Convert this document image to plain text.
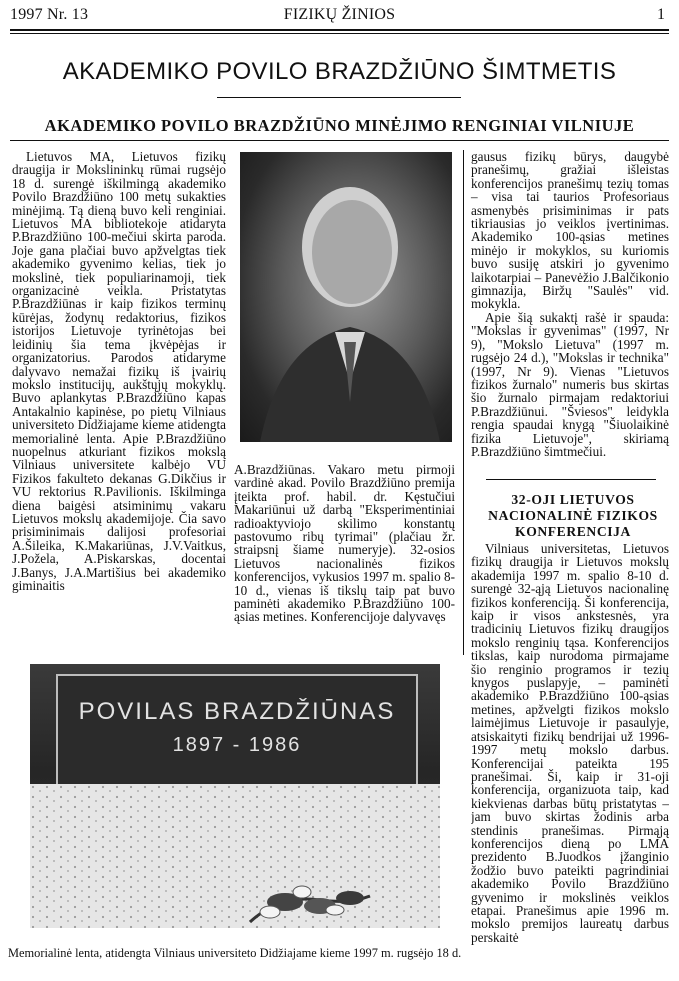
1997 Nr. 13	FIZIKŲ ŽINIOS	1
AKADEMIKO POVILO BRAZDŽIŪNO ŠIMTMETIS
AKADEMIKO POVILO BRAZDŽIŪNO MINĖJIMO RENGINIAI VILNIUJE

Lietuvos MA, Lietuvos fizikų draugija ir Mokslininkų rūmai rugsėjo 18 d. surengė iškilmingą akademiko Povilo Brazdžiūno 100 metų sukakties minėjimą. Tą dieną buvo keli renginiai. Lietuvos MA bibliotekoje atidaryta P.Brazdžiūno 100-mečiui skirta paroda. Joje gana plačiai buvo apžvelgtas tiek akademiko gyvenimo kelias, tiek jo mokslinė, tiek populiarinamoji, tiek organizacinė veikla. Pristatytas P.Brazdžiūnas ir kaip fizikos terminų kūrėjas, žodynų redaktorius, fizikos istorijos Lietuvoje tyrinėtojas bei leidinių šia tema įkvėpėjas ir organizatorius. Parodos atidaryme dalyvavo nemažai fizikų iš įvairių mokslo institucijų, aukštųjų mokyklų. Buvo aplankytas P.Brazdžiūno kapas Antakalnio kapinėse, po pietų Vilniaus universiteto Didžiajame kieme atidengta memorialinė lenta. Apie P.Brazdžiūno nuopelnus atkuriant fizikos mokslą Vilniaus universitete kalbėjo VU Fizikos fakulteto dekanas G.Dikčius ir VU rektorius R.Pavilionis. Iškilminga diena baigėsi atsiminimų vakaru Lietuvos mokslų akademijoje. Čia savo prisiminimais dalijosi profesoriai A.Šileika, K.Makariūnas, J.V.Vaitkus, J.Požela, A.Piskarskas, docentai J.Banys, J.A.Martišius bei akademiko giminaitis

A.Brazdžiūnas. Vakaro metu pirmoji vardinė akad. Povilo Brazdžiūno premija įteikta prof. habil. dr. Kęstučiui Makariūnui už darbą "Eksperimentiniai radioaktyviojo skilimo konstantų pastovumo ribų tyrimai" (plačiau žr. straipsnį šiame numeryje). 32-osios Lietuvos nacionalinės fizikos konferencijos, vykusios 1997 m. spalio 8-10 d., vienas iš tikslų taip pat buvo paminėti akademiko P.Brazdžiūno 100-ąsias metines. Konferencijoje dalyvavęs

gausus fizikų būrys, daugybė pranešimų, gražiai išleistas konferencijos pranešimų tezių tomas – visa tai taurios Profesoriaus asmenybės prisiminimas ir pats tikriausias jo veiklos įvertinimas. Akademiko 100-ąsias metines minėjo ir mokyklos, su kuriomis buvo susiję atskiri jo gyvenimo laikotarpiai – Panevėžio J.Balčikonio gimnazija, Biržų "Saulės" vid. mokykla.

Apie šią sukaktį rašė ir spauda: "Mokslas ir gyvenimas" (1997, Nr 9), "Mokslo Lietuva" (1997 m. rugsėjo 24 d.), "Mokslas ir technika" (1997, Nr 9). Vienas "Lietuvos fizikos žurnalo" numeris bus skirtas šio žurnalo pirmajam redaktoriui P.Brazdžiūnui. "Šviesos" leidykla rengia spaudai knygą "Šiuolaikinė fizika Lietuvoje", skiriamą P.Brazdžiūno šimtmečiui.

32-OJI LIETUVOS NACIONALINĖ FIZIKOS KONFERENCIJA

Vilniaus universitetas, Lietuvos fizikų draugija ir Lietuvos mokslų akademija 1997 m. spalio 8-10 d. surengė 32-ąją Lietuvos nacionalinę fizikos konferenciją. Ši konferencija, kaip ir visos ankstesnės, yra tradicinių Lietuvos fizikų draugijos mokslo renginių tąsa. Konferencijos tikslas, kaip nurodoma pirmajame šio renginio programos ir tezių knygos puslapyje, – paminėti akademiko P.Brazdžiūno 100-ąsias metines, apžvelgti fizikos mokslo laimėjimus Lietuvoje ir pasaulyje, atsiskaityti fizikų bendrijai už 1996-1997 metų mokslo darbus. Konferencijai pateikta 195 pranešimai. Ši, kaip ir 31-oji konferencija, organizuota taip, kad kiekvienas darbas būtų pristatytas – jam buvo skirtas žodinis arba stendinis pranešimas. Pirmąją konferencijos dieną po LMA prezidento B.Juodkos įžanginio žodžio buvo pateikti pagrindiniai akademiko Povilo Brazdžiūno gyvenimo ir mokslinės veiklos etapai. Pranešimus apie 1996 m. mokslo premijos laureatų darbus perskaitė

POVILAS BRAZDŽIŪNAS
1897 - 1986
Memorialinė lenta, atidengta Vilniaus universiteto Didžiajame kieme 1997 m. rugsėjo 18 d.
